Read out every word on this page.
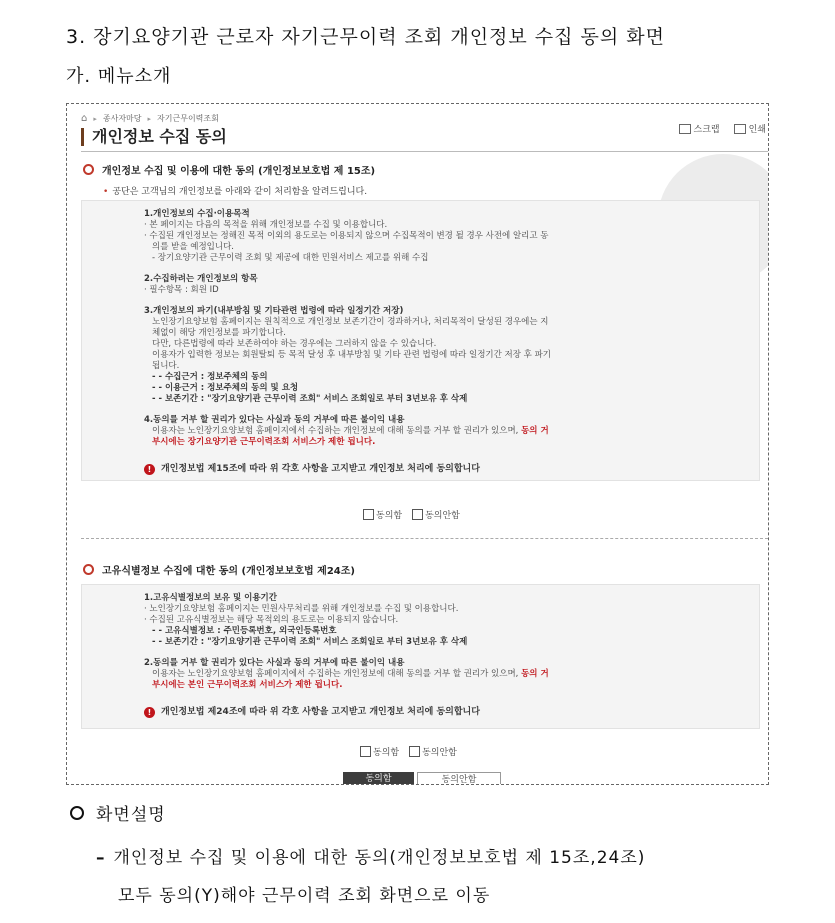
3. 장기요양기관 근로자 자기근무이력 조회 개인정보 수집 동의 화면
가. 메뉴소개
⌂ ▸ 종사자마당 ▸ 자기근무이력조회
스크랩	인쇄
개인정보 수집 동의
개인정보 수집 및 이용에 대한 동의 (개인정보보호법 제 15조)
• 공단은 고객님의 개인정보를 아래와 같이 처리함을 알려드립니다.
1.개인정보의 수집·이용목적
· 본 페이지는 다음의 목적을 위해 개인정보를 수집 및 이용합니다.
· 수집된 개인정보는 정해진 목적 이외의 용도로는 이용되지 않으며 수집목적이 변경 될 경우 사전에 알리고 동
의를 받을 예정입니다.
- 장기요양기관 근무이력 조회 및 제공에 대한 민원서비스 제고를 위해 수집
2.수집하려는 개인정보의 항목
· 필수항목 : 회원 ID
3.개인정보의 파기(내부방침 및 기타관련 법령에 따라 일정기간 저장)
노인장기요양보험 홈페이지는 원칙적으로 개인정보 보존기간이 경과하거나, 처리목적이 달성된 경우에는 지
체없이 해당 개인정보를 파기합니다.
다만, 다른법령에 따라 보존하여야 하는 경우에는 그러하지 않을 수 있습니다.
이용자가 입력한 정보는 회원탈퇴 등 목적 달성 후 내부방침 및 기타 관련 법령에 따라 일정기간 저장 후 파기
됩니다.
- - 수집근거 : 정보주체의 동의
- - 이용근거 : 정보주체의 동의 및 요청
- - 보존기간 : "장기요양기관 근무이력 조회" 서비스 조회일로 부터 3년보유 후 삭제
4.동의를 거부 할 권리가 있다는 사실과 동의 거부에 따른 불이익 내용
이용자는 노인장기요양보험 홈페이지에서 수집하는 개인정보에 대해 동의를 거부 할 권리가 있으며, 동의 거
부시에는 장기요양기관 근무이력조회 서비스가 제한 됩니다.
!	개인정보법 제15조에 따라 위 각호 사항을 고지받고 개인정보 처리에 동의합니다
동의함	동의안함
고유식별정보 수집에 대한 동의 (개인정보보호법 제24조)
1.고유식별정보의 보유 및 이용기간
· 노인장기요양보험 홈페이지는 민원사무처리를 위해 개인정보를 수집 및 이용합니다.
· 수집된 고유식별정보는 해당 목적외의 용도로는 이용되지 않습니다.
- - 고유식별정보 : 주민등록번호, 외국인등록번호
- - 보존기간 : "장기요양기관 근무이력 조회" 서비스 조회일로 부터 3년보유 후 삭제
2.동의를 거부 할 권리가 있다는 사실과 동의 거부에 따른 불이익 내용
이용자는 노인장기요양보험 홈페이지에서 수집하는 개인정보에 대해 동의를 거부 할 권리가 있으며, 동의 거
부시에는 본인 근무이력조회 서비스가 제한 됩니다.
!	개인정보법 제24조에 따라 위 각호 사항을 고지받고 개인정보 처리에 동의합니다
동의함	동의안함
동의함	동의안함
화면설명
– 개인정보 수집 및 이용에 대한 동의(개인정보보호법 제 15조,24조)
모두 동의(Y)해야 근무이력 조회 화면으로 이동
